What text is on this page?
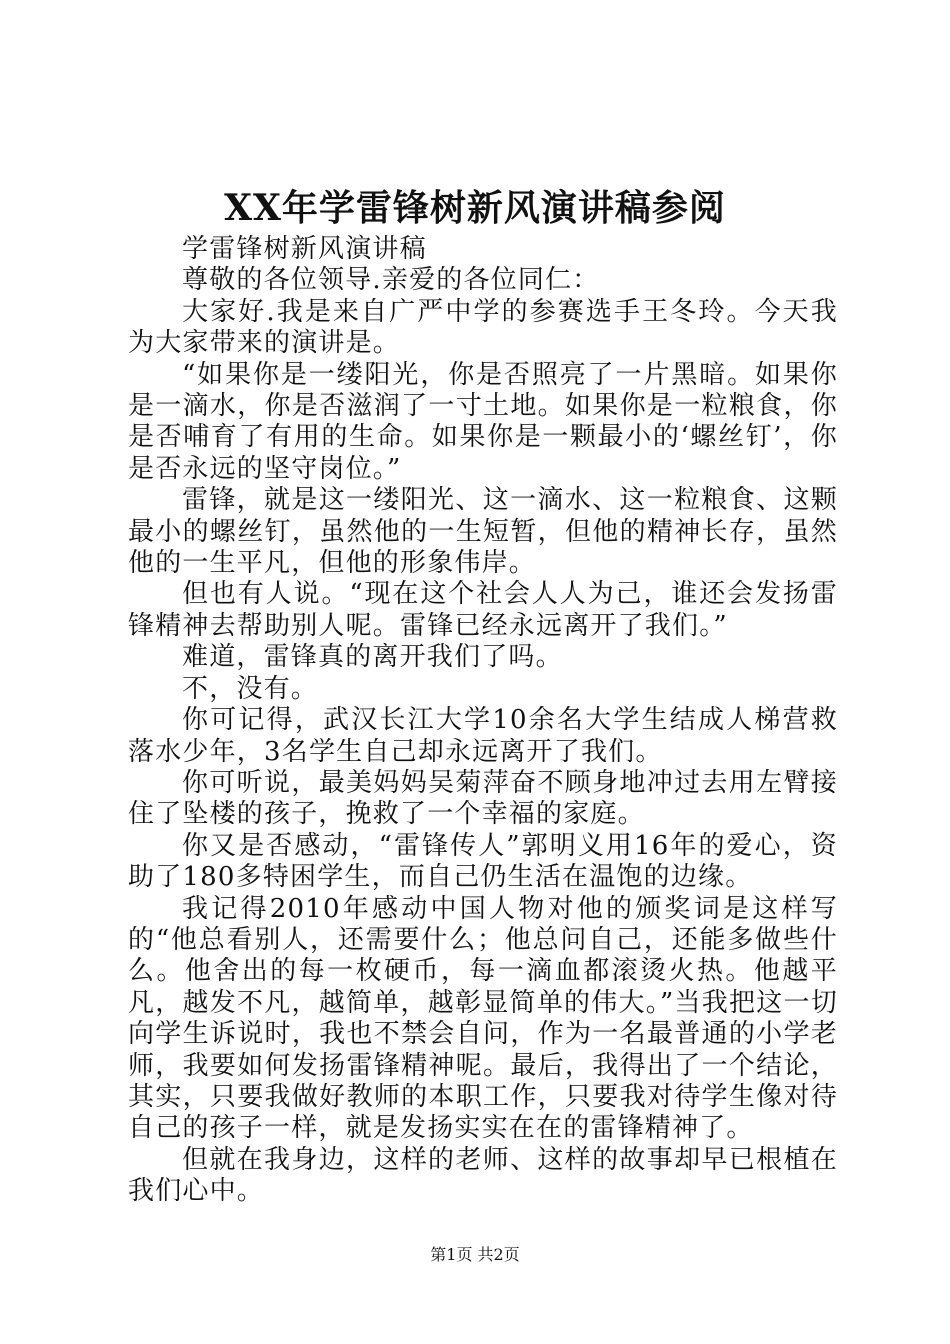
XX年学雷锋树新风演讲稿参阅

学雷锋树新风演讲稿

尊敬的各位领导.亲爱的各位同仁：

大家好.我是来自广严中学的参赛选手王冬玲。今天我为大家带来的演讲是。

“如果你是一缕阳光，你是否照亮了一片黑暗。如果你是一滴水，你是否滋润了一寸土地。如果你是一粒粮食，你是否哺育了有用的生命。如果你是一颗最小的‘螺丝钉’，你是否永远的坚守岗位。”

雷锋，就是这一缕阳光、这一滴水、这一粒粮食、这颗最小的螺丝钉，虽然他的一生短暂，但他的精神长存，虽然他的一生平凡，但他的形象伟岸。

但也有人说。“现在这个社会人人为己，谁还会发扬雷锋精神去帮助别人呢。雷锋已经永远离开了我们。”

难道，雷锋真的离开我们了吗。

不，没有。

你可记得，武汉长江大学10余名大学生结成人梯营救落水少年，3名学生自己却永远离开了我们。

你可听说，最美妈妈吴菊萍奋不顾身地冲过去用左臂接住了坠楼的孩子，挽救了一个幸福的家庭。

你又是否感动，“雷锋传人”郭明义用16年的爱心，资助了180多特困学生，而自己仍生活在温饱的边缘。

我记得2010年感动中国人物对他的颁奖词是这样写的“他总看别人，还需要什么；他总问自己，还能多做些什么。他舍出的每一枚硬币，每一滴血都滚烫火热。他越平凡，越发不凡，越简单，越彰显简单的伟大。”当我把这一切向学生诉说时，我也不禁会自问，作为一名最普通的小学老师，我要如何发扬雷锋精神呢。最后，我得出了一个结论，其实，只要我做好教师的本职工作，只要我对待学生像对待自己的孩子一样，就是发扬实实在在的雷锋精神了。

但就在我身边，这样的老师、这样的故事却早已根植在我们心中。

第1页 共2页
